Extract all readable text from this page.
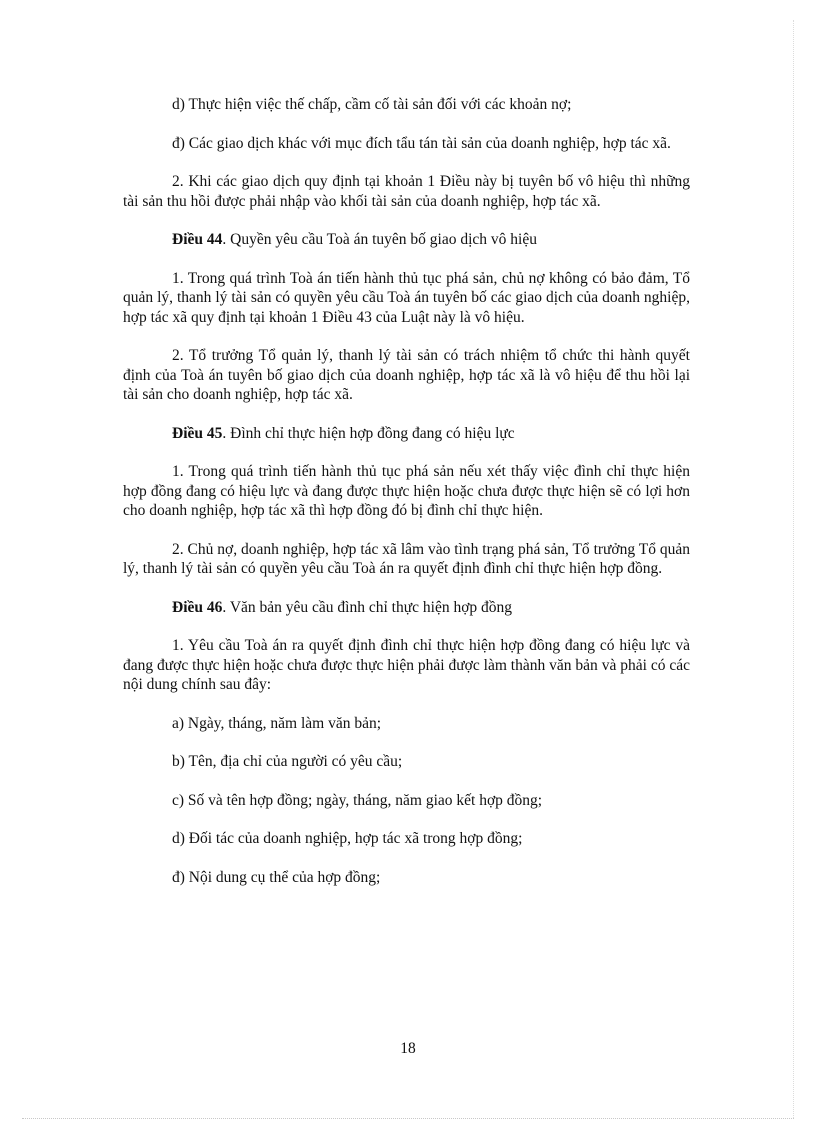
d) Thực hiện việc thế chấp, cầm cố tài sản đối với các khoản nợ;

đ) Các giao dịch khác với mục đích tẩu tán tài sản của doanh nghiệp, hợp tác xã.

2. Khi các giao dịch quy định tại khoản 1 Điều này bị tuyên bố vô hiệu thì những tài sản thu hồi được phải nhập vào khối tài sản của doanh nghiệp, hợp tác xã.

Điều 44. Quyền yêu cầu Toà án tuyên bố giao dịch vô hiệu

1. Trong quá trình Toà án tiến hành thủ tục phá sản, chủ nợ không có bảo đảm, Tổ quản lý, thanh lý tài sản có quyền yêu cầu Toà án tuyên bố các giao dịch của doanh nghiệp, hợp tác xã quy định tại khoản 1 Điều 43 của Luật này là vô hiệu.

2. Tổ trưởng Tổ quản lý, thanh lý tài sản có trách nhiệm tổ chức thi hành quyết định của Toà án tuyên bố giao dịch của doanh nghiệp, hợp tác xã là vô hiệu để thu hồi lại tài sản cho doanh nghiệp, hợp tác xã.

Điều 45. Đình chỉ thực hiện hợp đồng đang có hiệu lực

1. Trong quá trình tiến hành thủ tục phá sản nếu xét thấy việc đình chỉ thực hiện hợp đồng đang có hiệu lực và đang được thực hiện hoặc chưa được thực hiện sẽ có lợi hơn cho doanh nghiệp, hợp tác xã thì hợp đồng đó bị đình chỉ thực hiện.

2. Chủ nợ, doanh nghiệp, hợp tác xã lâm vào tình trạng phá sản, Tổ trưởng Tổ quản lý, thanh lý tài sản có quyền yêu cầu Toà án ra quyết định đình chỉ thực hiện hợp đồng.

Điều 46. Văn bản yêu cầu đình chỉ thực hiện hợp đồng

1. Yêu cầu Toà án ra quyết định đình chỉ thực hiện hợp đồng đang có hiệu lực và đang được thực hiện hoặc chưa được thực hiện phải được làm thành văn bản và phải có các nội dung chính sau đây:

a) Ngày, tháng, năm làm văn bản;

b) Tên, địa chỉ của người có yêu cầu;

c) Số và tên hợp đồng; ngày, tháng, năm giao kết hợp đồng;

d) Đối tác của doanh nghiệp, hợp tác xã trong hợp đồng;

đ) Nội dung cụ thể của hợp đồng;

18
